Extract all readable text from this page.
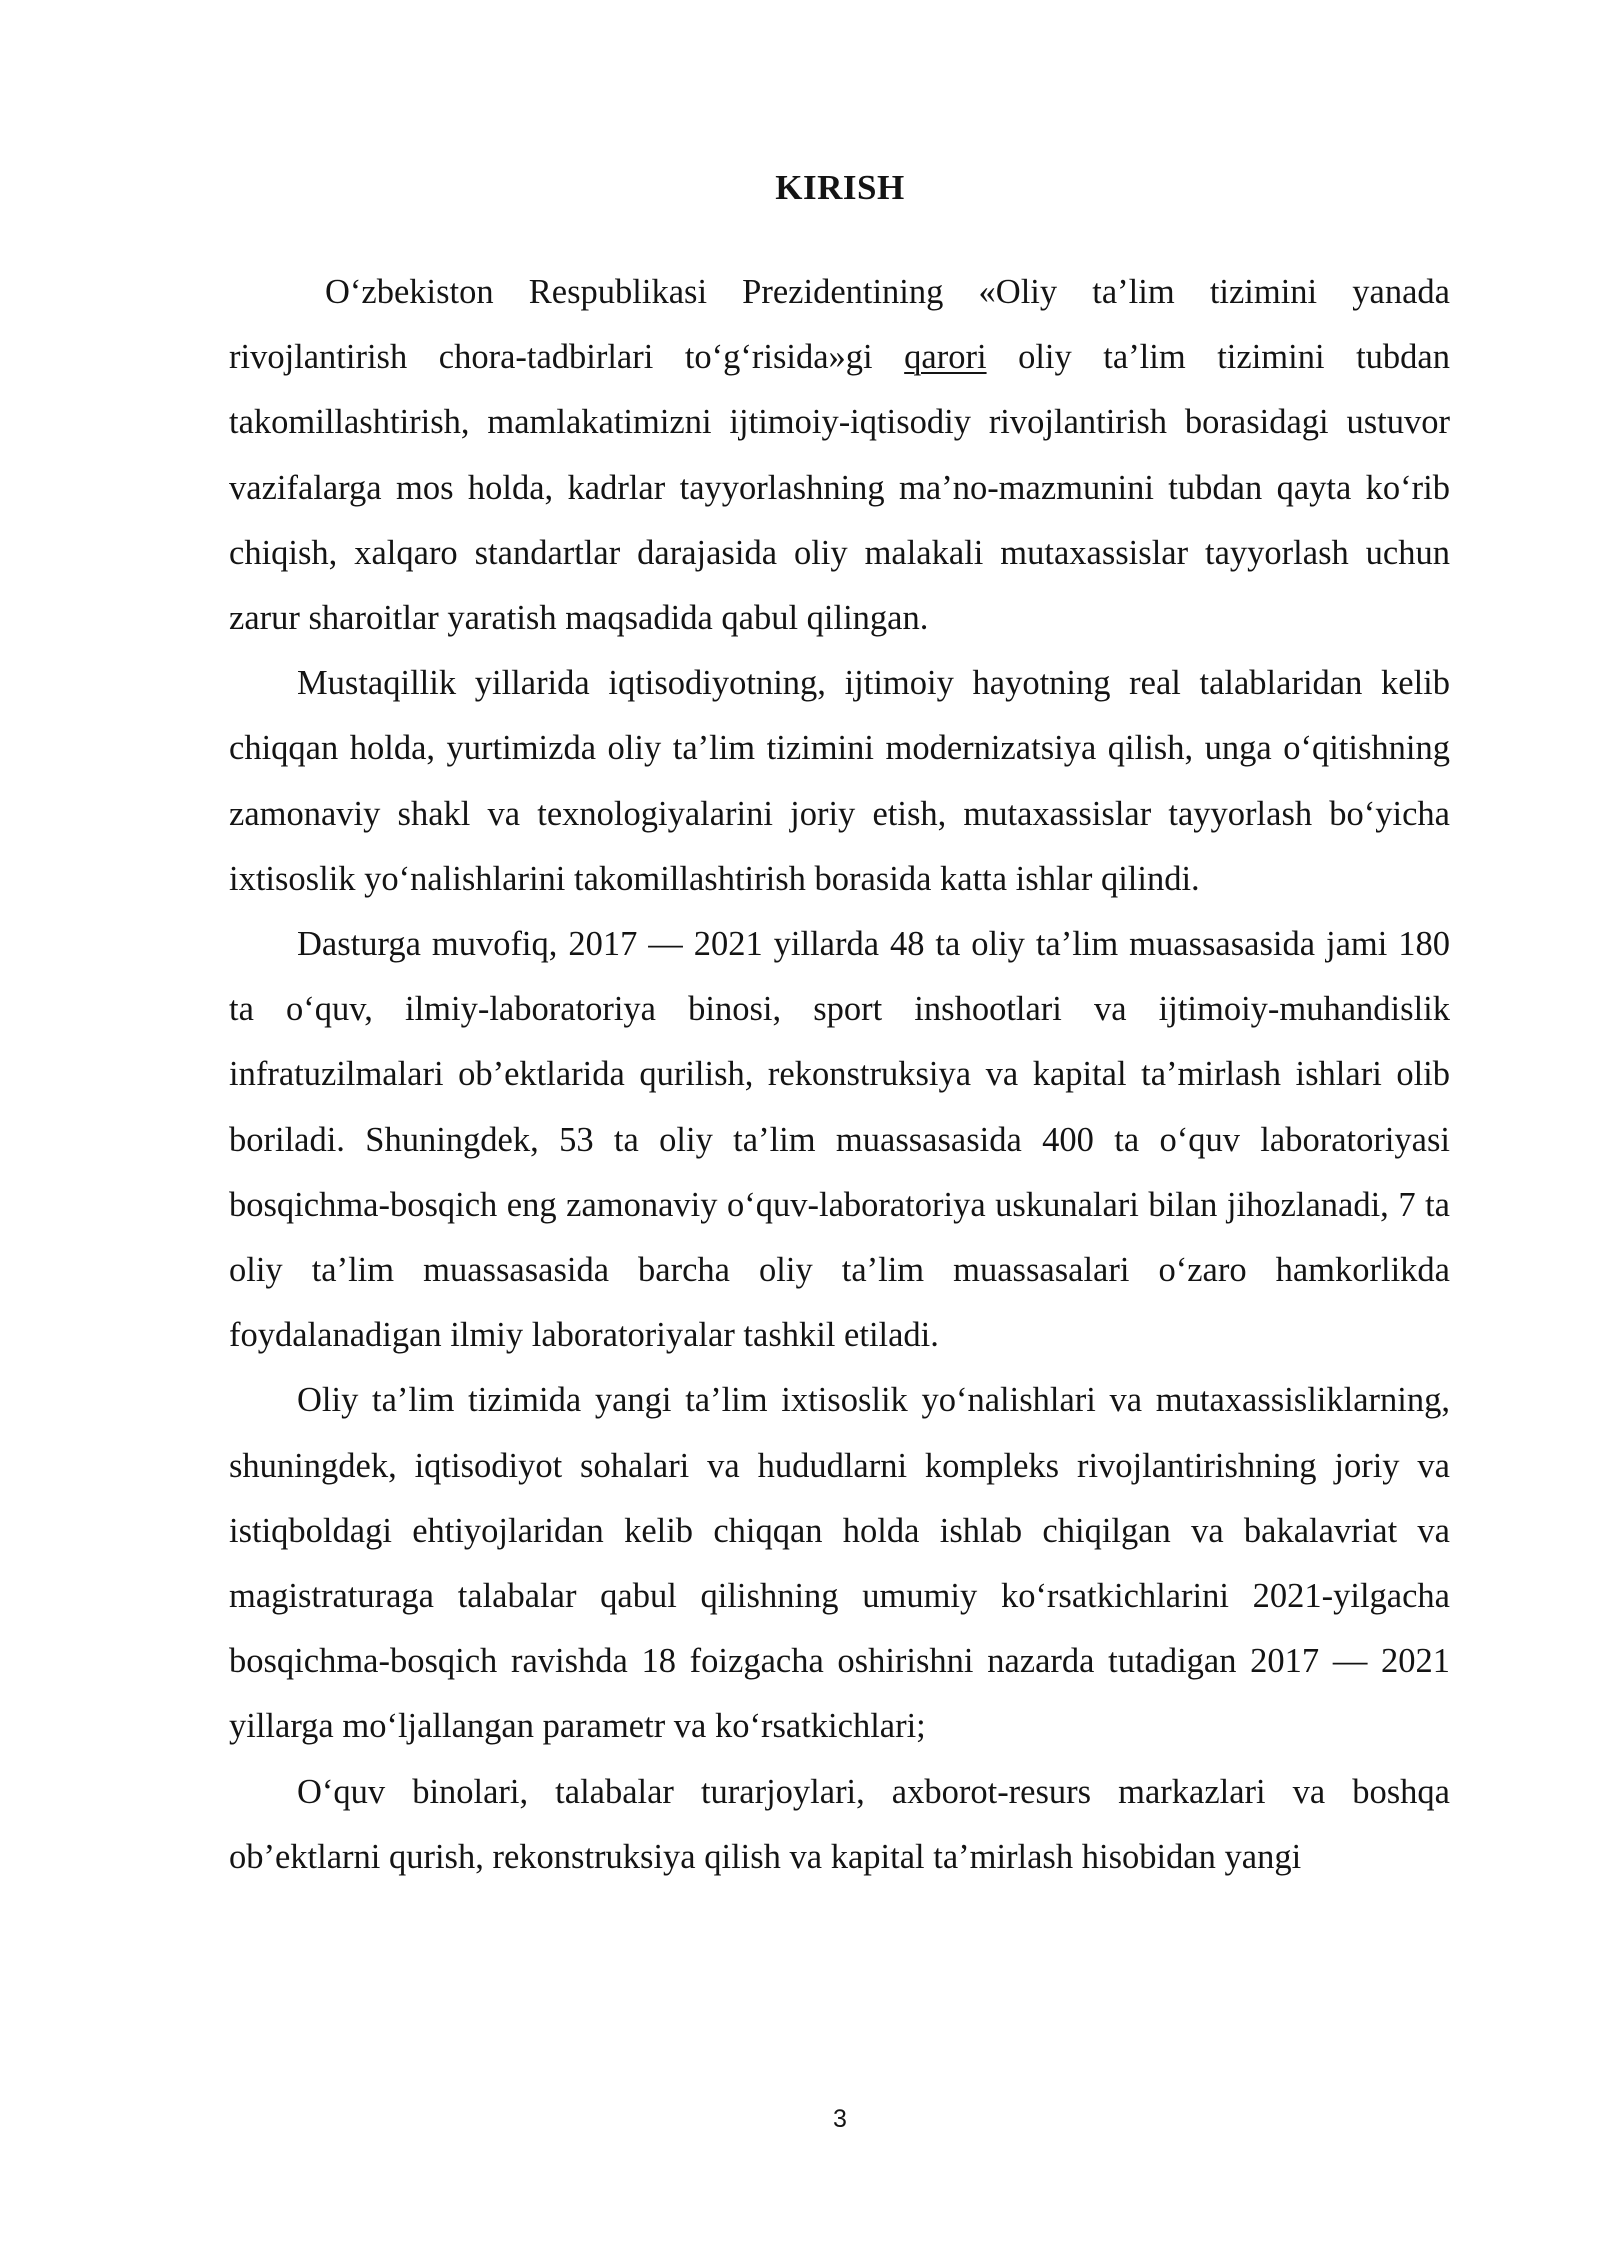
KIRISH

O‘zbekiston Respublikasi Prezidentining «Oliy ta’lim tizimini yanada rivojlantirish chora-tadbirlari to‘g‘risida»gi qarori oliy ta’lim tizimini tubdan takomillashtirish, mamlakatimizni ijtimoiy-iqtisodiy rivojlantirish borasidagi ustuvor vazifalarga mos holda, kadrlar tayyorlashning ma’no-mazmunini tubdan qayta ko‘rib chiqish, xalqaro standartlar darajasida oliy malakali mutaxassislar tayyorlash uchun zarur sharoitlar yaratish maqsadida qabul qilingan.

Mustaqillik yillarida iqtisodiyotning, ijtimoiy hayotning real talablaridan kelib chiqqan holda, yurtimizda oliy ta’lim tizimini modernizatsiya qilish, unga o‘qitishning zamonaviy shakl va texnologiyalarini joriy etish, mutaxassislar tayyorlash bo‘yicha ixtisoslik yo‘nalishlarini takomillashtirish borasida katta ishlar qilindi.

Dasturga muvofiq, 2017 — 2021 yillarda 48 ta oliy ta’lim muassasasida jami 180 ta o‘quv, ilmiy-laboratoriya binosi, sport inshootlari va ijtimoiy-muhandislik infratuzilmalari ob’ektlarida qurilish, rekonstruksiya va kapital ta’mirlash ishlari olib boriladi. Shuningdek, 53 ta oliy ta’lim muassasasida 400 ta o‘quv laboratoriyasi bosqichma-bosqich eng zamonaviy o‘quv-laboratoriya uskunalari bilan jihozlanadi, 7 ta oliy ta’lim muassasasida barcha oliy ta’lim muassasalari o‘zaro hamkorlikda foydalanadigan ilmiy laboratoriyalar tashkil etiladi.

Oliy ta’lim tizimida yangi ta’lim ixtisoslik yo‘nalishlari va mutaxassisliklarning, shuningdek, iqtisodiyot sohalari va hududlarni kompleks rivojlantirishning joriy va istiqboldagi ehtiyojlaridan kelib chiqqan holda ishlab chiqilgan va bakalavriat va magistraturaga talabalar qabul qilishning umumiy ko‘rsatkichlarini 2021-yilgacha bosqichma-bosqich ravishda 18 foizgacha oshirishni nazarda tutadigan 2017 — 2021 yillarga mo‘ljallangan parametr va ko‘rsatkichlari;

O‘quv binolari, talabalar turarjoylari, axborot-resurs markazlari va boshqa ob’ektlarni qurish, rekonstruksiya qilish va kapital ta’mirlash hisobidan yangi

3
